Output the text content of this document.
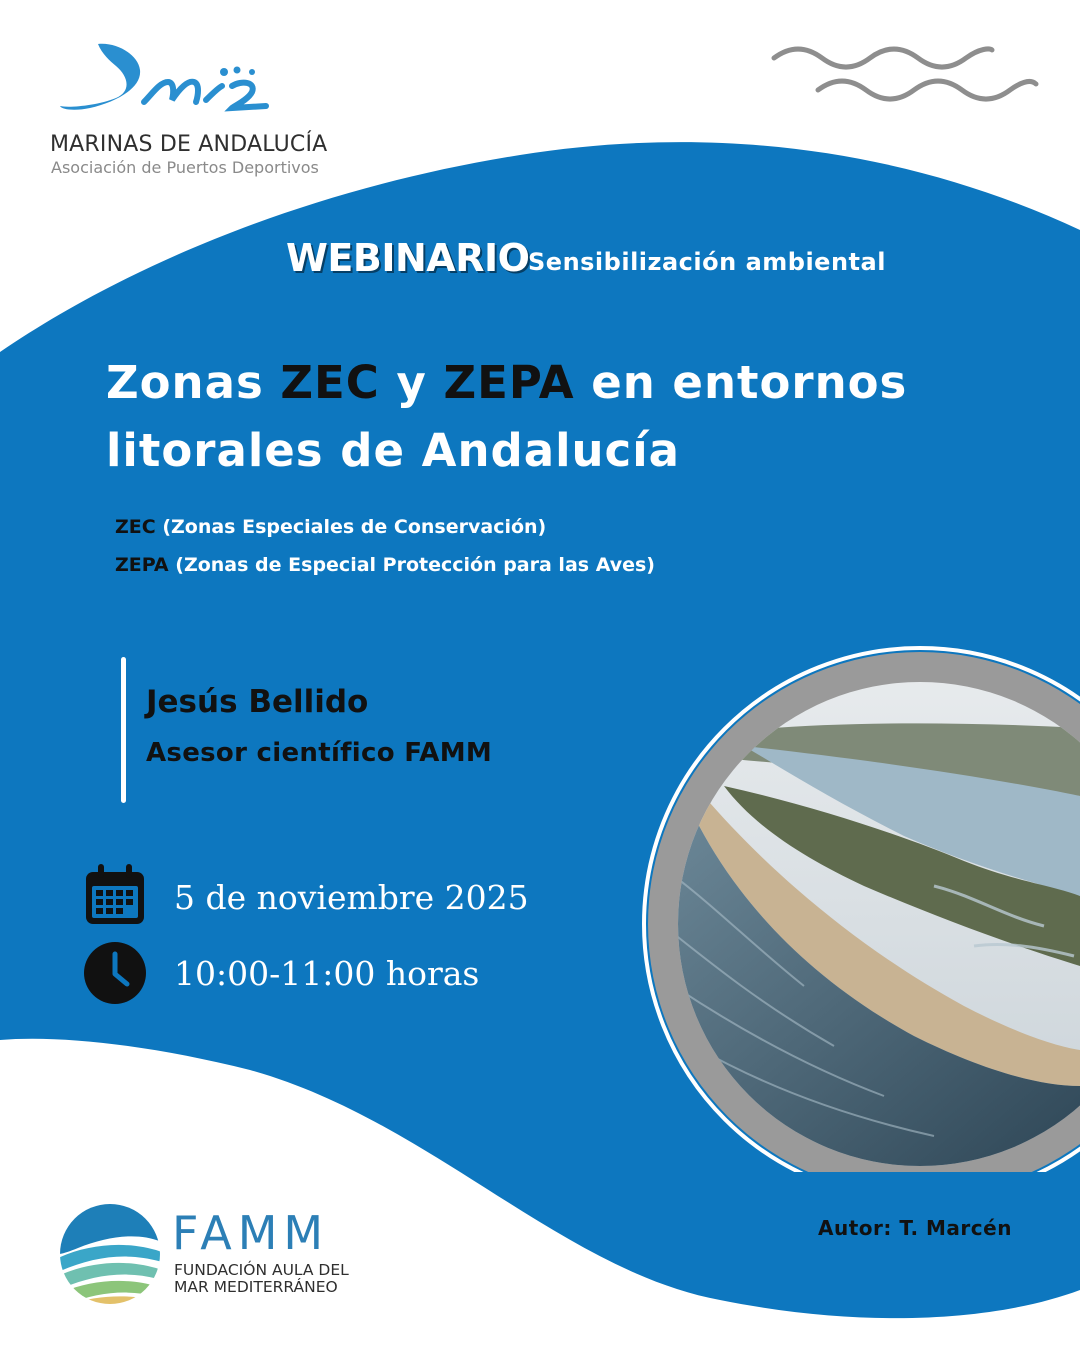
MARINAS DE ANDALUCÍA
Asociación de Puertos Deportivos
WEBINARIO
Sensibilización ambiental
Zonas ZEC y ZEPA en entornos
litorales de Andalucía
ZEC (Zonas Especiales de Conservación)
ZEPA (Zonas de Especial Protección para las Aves)
Jesús Bellido
Asesor científico FAMM
5 de noviembre 2025
10:00-11:00 horas
Autor: T. Marcén
FAMM
FUNDACIÓN AULA DEL
MAR MEDITERRÁNEO
